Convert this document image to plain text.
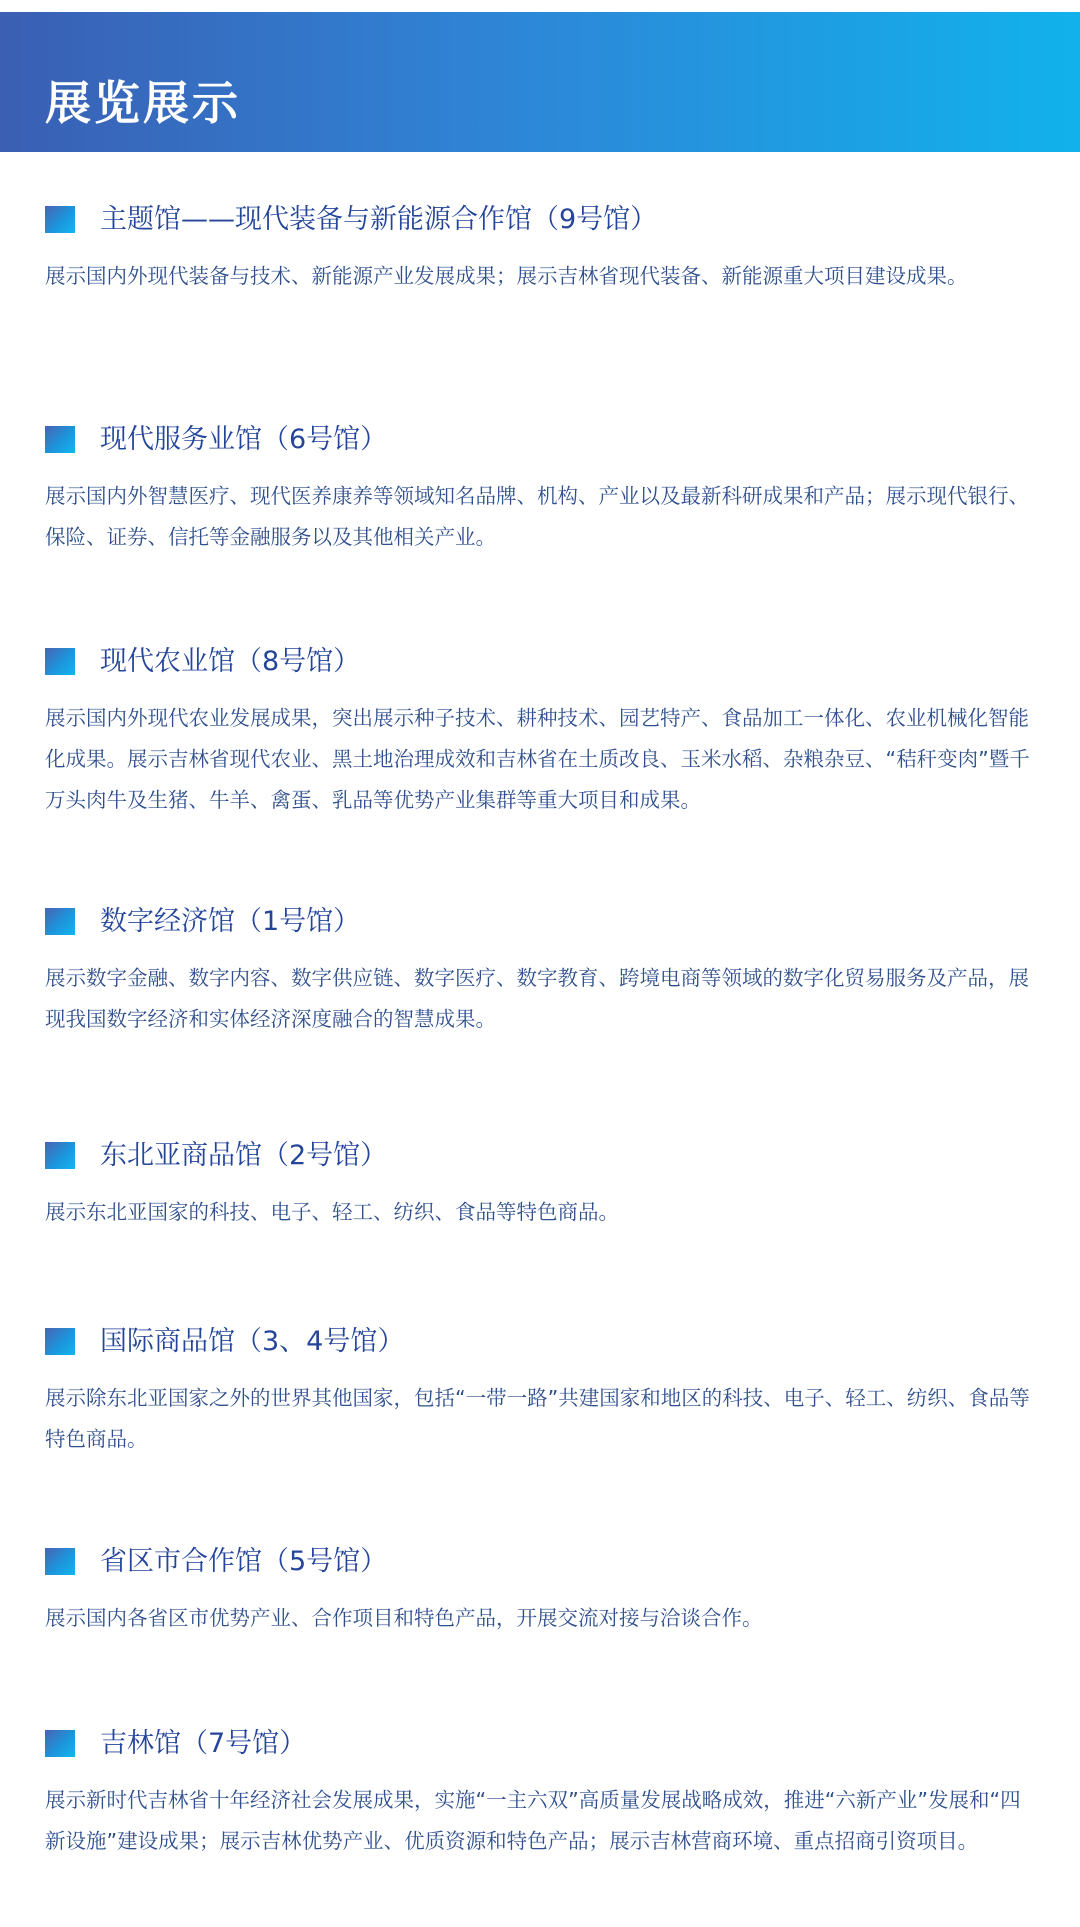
展览展示
主题馆——现代装备与新能源合作馆（9号馆）
展示国内外现代装备与技术、新能源产业发展成果；展示吉林省现代装备、新能源重大项目建设成果。
现代服务业馆（6号馆）
展示国内外智慧医疗、现代医养康养等领域知名品牌、机构、产业以及最新科研成果和产品；展示现代银行、保险、证券、信托等金融服务以及其他相关产业。
现代农业馆（8号馆）
展示国内外现代农业发展成果，突出展示种子技术、耕种技术、园艺特产、食品加工一体化、农业机械化智能化成果。展示吉林省现代农业、黑土地治理成效和吉林省在土质改良、玉米水稻、杂粮杂豆、“秸秆变肉”暨千万头肉牛及生猪、牛羊、禽蛋、乳品等优势产业集群等重大项目和成果。
数字经济馆（1号馆）
展示数字金融、数字内容、数字供应链、数字医疗、数字教育、跨境电商等领域的数字化贸易服务及产品，展现我国数字经济和实体经济深度融合的智慧成果。
东北亚商品馆（2号馆）
展示东北亚国家的科技、电子、轻工、纺织、食品等特色商品。
国际商品馆（3、4号馆）
展示除东北亚国家之外的世界其他国家，包括“一带一路”共建国家和地区的科技、电子、轻工、纺织、食品等特色商品。
省区市合作馆（5号馆）
展示国内各省区市优势产业、合作项目和特色产品，开展交流对接与洽谈合作。
吉林馆（7号馆）
展示新时代吉林省十年经济社会发展成果，实施“一主六双”高质量发展战略成效，推进“六新产业”发展和“四新设施”建设成果；展示吉林优势产业、优质资源和特色产品；展示吉林营商环境、重点招商引资项目。
